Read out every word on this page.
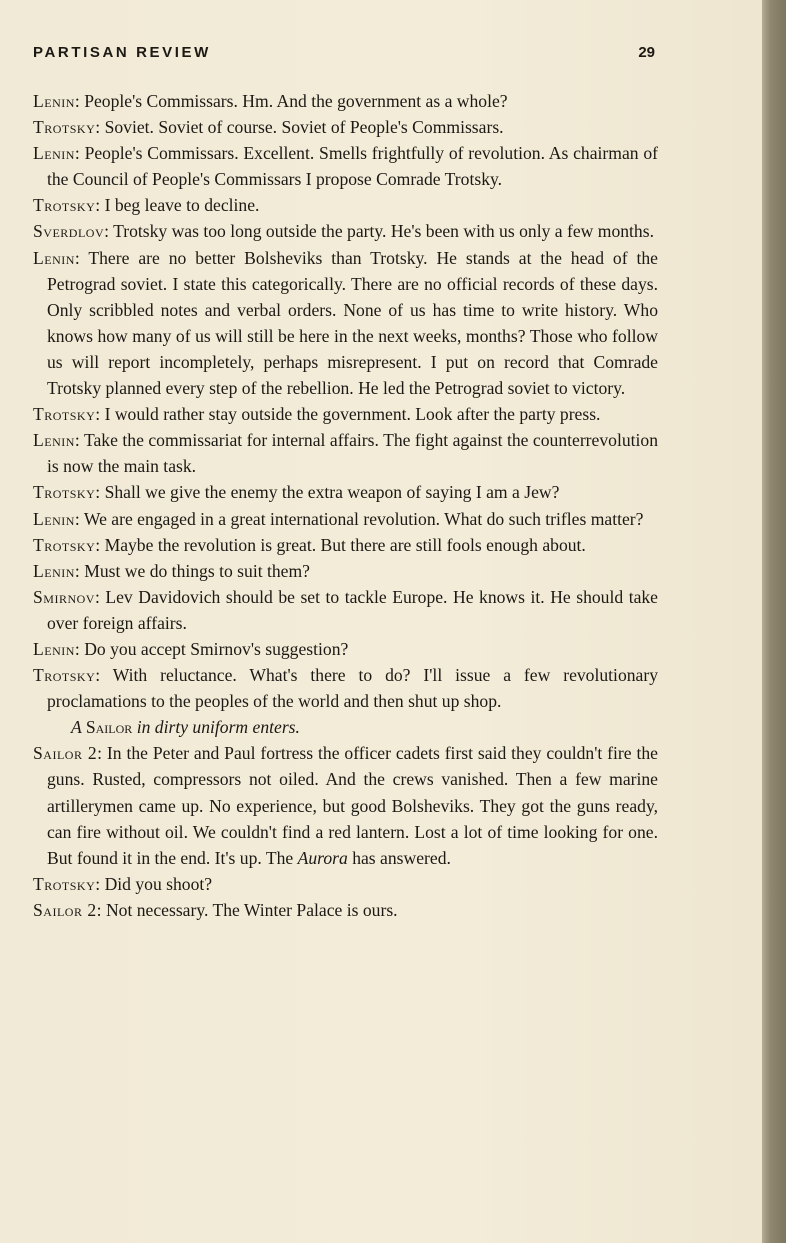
PARTISAN REVIEW	29

Lenin: People's Commissars. Hm. And the government as a whole?

Trotsky: Soviet. Soviet of course. Soviet of People's Commissars.

Lenin: People's Commissars. Excellent. Smells frightfully of revolution. As chairman of the Council of People's Commissars I propose Comrade Trotsky.

Trotsky: I beg leave to decline.

Sverdlov: Trotsky was too long outside the party. He's been with us only a few months.

Lenin: There are no better Bolsheviks than Trotsky. He stands at the head of the Petrograd soviet. I state this categorically. There are no official records of these days. Only scribbled notes and verbal orders. None of us has time to write history. Who knows how many of us will still be here in the next weeks, months? Those who follow us will report incompletely, perhaps misrepresent. I put on record that Comrade Trotsky planned every step of the rebellion. He led the Petrograd soviet to victory.

Trotsky: I would rather stay outside the government. Look after the party press.

Lenin: Take the commissariat for internal affairs. The fight against the counterrevolution is now the main task.

Trotsky: Shall we give the enemy the extra weapon of saying I am a Jew?

Lenin: We are engaged in a great international revolution. What do such trifles matter?

Trotsky: Maybe the revolution is great. But there are still fools enough about.

Lenin: Must we do things to suit them?

Smirnov: Lev Davidovich should be set to tackle Europe. He knows it. He should take over foreign affairs.

Lenin: Do you accept Smirnov's suggestion?

Trotsky: With reluctance. What's there to do? I'll issue a few revolutionary proclamations to the peoples of the world and then shut up shop.

A Sailor in dirty uniform enters.

Sailor 2: In the Peter and Paul fortress the officer cadets first said they couldn't fire the guns. Rusted, compressors not oiled. And the crews vanished. Then a few marine artillerymen came up. No experience, but good Bolsheviks. They got the guns ready, can fire without oil. We couldn't find a red lantern. Lost a lot of time looking for one. But found it in the end. It's up. The Aurora has answered.

Trotsky: Did you shoot?

Sailor 2: Not necessary. The Winter Palace is ours.
